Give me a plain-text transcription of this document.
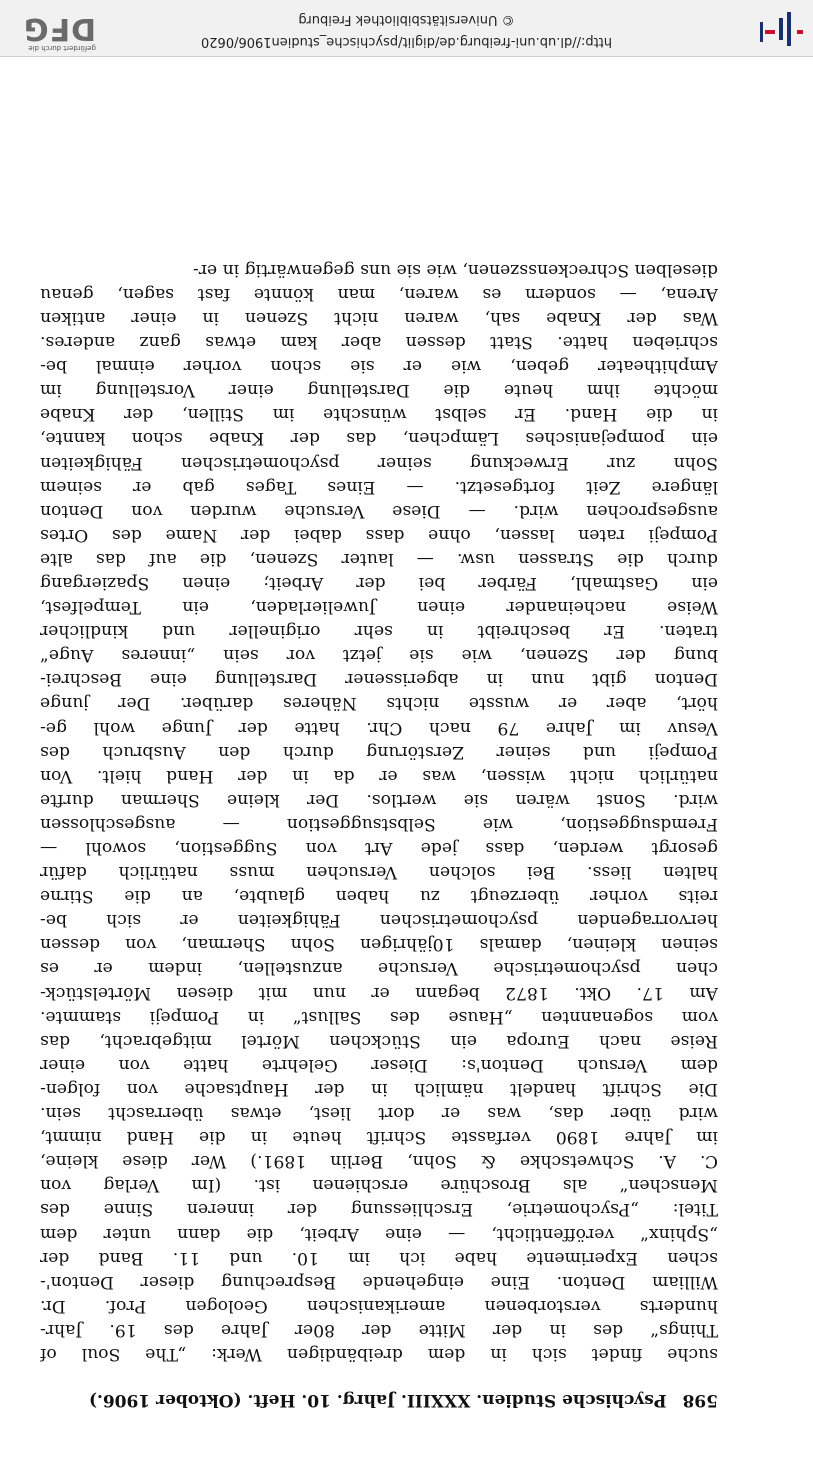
598 Psychische Studien. XXXIII. Jahrg. 10. Heft. (Oktober 1906.)
suche findet sich in dem dreibändigen Werk: „The Soul of
Things“ des in der Mitte der 80er Jahre des 19. Jahr-
hunderts verstorbenen amerikanischen Geologen Prof. Dr.
William Denton. Eine eingehende Besprechung dieser Denton'-
schen Experimente habe ich im 10. und 11. Band der
„Sphinx“ veröffentlicht, — eine Arbeit, die dann unter dem
Titel: „Psychometrie, Erschliessung der inneren Sinne des
Menschen“ als Broschüre erschienen ist. (Im Verlag von
C. A. Schwetschke & Sohn, Berlin 1891.) Wer diese kleine,
im Jahre 1890 verfasste Schrift heute in die Hand nimmt,
wird über das, was er dort liest, etwas überrascht sein.
Die Schrift handelt nämlich in der Hauptsache von folgen-
dem Versuch Denton's: Dieser Gelehrte hatte von einer
Reise nach Europa ein Stückchen Mörtel mitgebracht, das
vom sogenannten „Hause des Sallust“ in Pompeji stammte.
Am 17. Okt. 1872 begann er nun mit diesen Mörtelstück-
chen psychometrische Versuche anzustellen, indem er es
seinen kleinen, damals 10jährigen Sohn Sherman, von dessen
hervorragenden psychometrischen Fähigkeiten er sich be-
reits vorher überzeugt zu haben glaubte, an die Stirne
halten liess. Bei solchen Versuchen muss natürlich dafür
gesorgt werden, dass jede Art von Suggestion, sowohl —
Fremdsuggestion, wie Selbstsuggestion — ausgeschlossen
wird. Sonst wären sie wertlos. Der kleine Sherman durfte
natürlich nicht wissen, was er da in der Hand hielt. Von
Pompeji und seiner Zerstörung durch den Ausbruch des
Vesuv im Jahre 79 nach Chr. hatte der Junge wohl ge-
hört, aber er wusste nichts Näheres darüber. Der junge
Denton gibt nun in abgerissener Darstellung eine Beschrei-
bung der Szenen, wie sie jetzt vor sein „inneres Auge“
traten. Er beschreibt in sehr origineller und kindlicher
Weise nacheinander einen Juwelierladen, ein Tempelfest,
ein Gastmahl, Färber bei der Arbeit; einen Spaziergang
durch die Strassen usw. — lauter Szenen, die auf das alte
Pompeji raten lassen, ohne dass dabei der Name des Ortes
ausgesprochen wird. — Diese Versuche wurden von Denton
längere Zeit fortgesetzt. — Eines Tages gab er seinem
Sohn zur Erweckung seiner psychometrischen Fähigkeiten
ein pompejanisches Lämpchen, das der Knabe schon kannte,
in die Hand. Er selbst wünschte im Stillen, der Knabe
möchte ihm heute die Darstellung einer Vorstellung im
Amphitheater geben, wie er sie schon vorher einmal be-
schrieben hatte. Statt dessen aber kam etwas ganz anderes.
Was der Knabe sah, waren nicht Szenen in einer antiken
Arena, — sondern es waren, man könnte fast sagen, genau
dieselben Schreckensszenen, wie sie uns gegenwärtig in er-
http://dl.ub.uni-freiburg.de/diglit/psychische_studien1906/0620
© Universitätsbibliothek Freiburg
gefördert durch die
DFG
